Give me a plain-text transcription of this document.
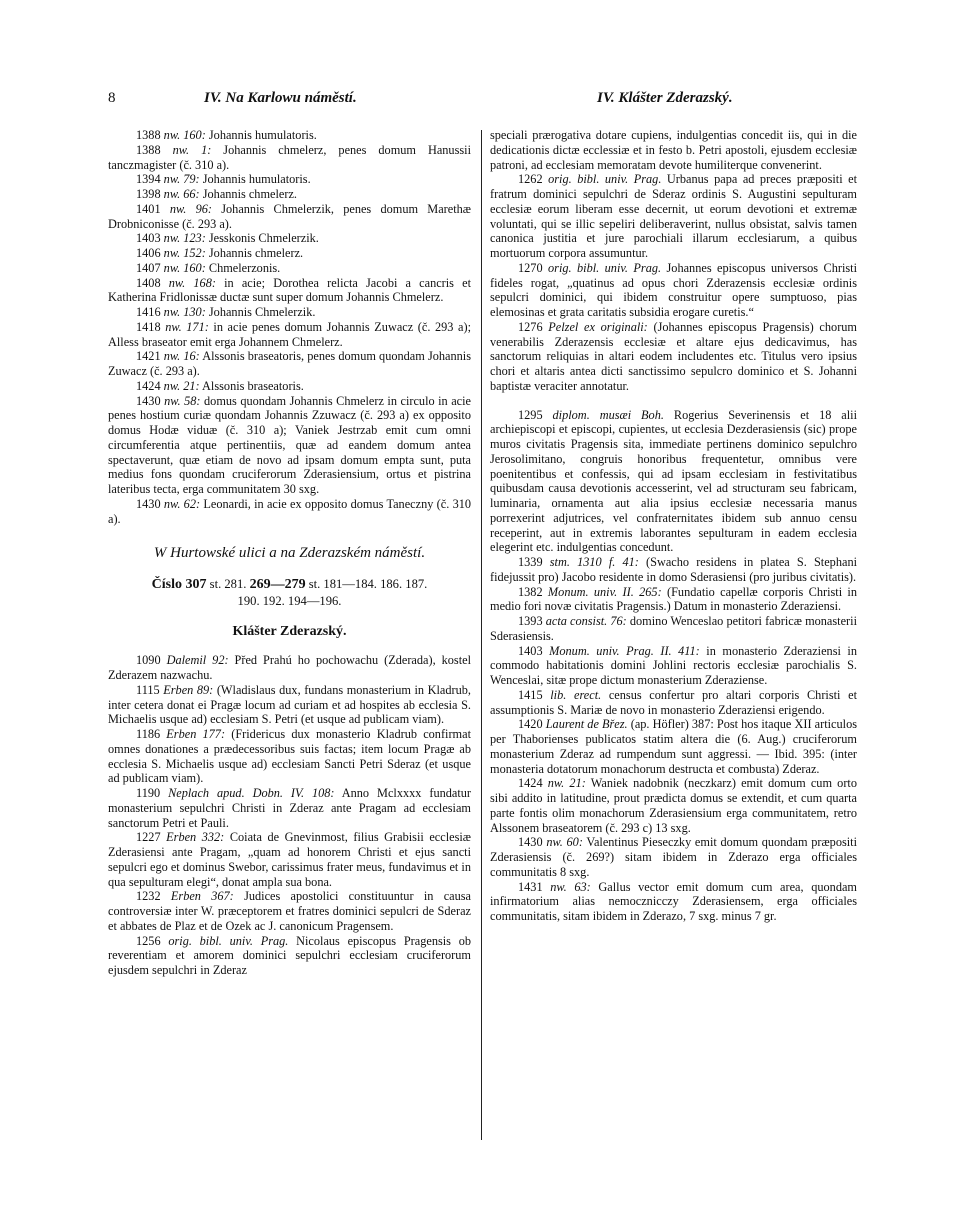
8	IV. Na Karlowu náměstí.	IV. Klášter Zderazský.

1388 nw. 160: Johannis humulatoris.

1388 nw. 1: Johannis chmelerz, penes domum Hanussii tanczmagister (č. 310 a).

1394 nw. 79: Johannis humulatoris.

1398 nw. 66: Johannis chmelerz.

1401 nw. 96: Johannis Chmelerzik, penes domum Marethæ Drobniconisse (č. 293 a).

1403 nw. 123: Jesskonis Chmelerzik.

1406 nw. 152: Johannis chmelerz.

1407 nw. 160: Chmelerzonis.

1408 nw. 168: in acie; Dorothea relicta Jacobi a cancris et Katherina Fridlonissæ ductæ sunt super domum Johannis Chmelerz.

1416 nw. 130: Johannis Chmelerzik.

1418 nw. 171: in acie penes domum Johannis Zuwacz (č. 293 a); Alless braseator emit erga Johannem Chmelerz.

1421 nw. 16: Alssonis braseatoris, penes domum quondam Johannis Zuwacz (č. 293 a).

1424 nw. 21: Alssonis braseatoris.

1430 nw. 58: domus quondam Johannis Chmelerz in circulo in acie penes hostium curiæ quondam Johannis Zzuwacz (č. 293 a) ex opposito domus Hodæ viduæ (č. 310 a); Vaniek Jestrzab emit cum omni circumferentia atque pertinentiis, quæ ad eandem domum antea spectaverunt, quæ etiam de novo ad ipsam domum empta sunt, puta medius fons quondam cruciferorum Zderasiensium, ortus et pistrina lateribus tecta, erga communitatem 30 sxg.

1430 nw. 62: Leonardi, in acie ex opposito domus Taneczny (č. 310 a).

W Hurtowské ulici a na Zderazském náměstí.

Číslo 307 st. 281. 269—279 st. 181—184. 186. 187.
190. 192. 194—196.

Klášter Zderazský.

1090 Dalemil 92: Před Prahú ho pochowachu (Zderada), kostel Zderazem nazwachu.

1115 Erben 89: (Wladislaus dux, fundans monasterium in Kladrub, inter cetera donat ei Pragæ locum ad curiam et ad hospites ab ecclesia S. Michaelis usque ad) ecclesiam S. Petri (et usque ad publicam viam).

1186 Erben 177: (Fridericus dux monasterio Kladrub confirmat omnes donationes a prædecessoribus suis factas; item locum Pragæ ab ecclesia S. Michaelis usque ad) ecclesiam Sancti Petri Sderaz (et usque ad publicam viam).

1190 Neplach apud. Dobn. IV. 108: Anno Mclxxxx fundatur monasterium sepulchri Christi in Zderaz ante Pragam ad ecclesiam sanctorum Petri et Pauli.

1227 Erben 332: Coiata de Gnevinmost, filius Grabisii ecclesiæ Zderasiensi ante Pragam, „quam ad honorem Christi et ejus sancti sepulcri ego et dominus Swebor, carissimus frater meus, fundavimus et in qua sepulturam elegi“, donat ampla sua bona.

1232 Erben 367: Judices apostolici constituuntur in causa controversiæ inter W. præceptorem et fratres dominici sepulcri de Sderaz et abbates de Plaz et de Ozek ac J. canonicum Pragensem.

1256 orig. bibl. univ. Prag. Nicolaus episcopus Pragensis ob reverentiam et amorem dominici sepulchri ecclesiam cruciferorum ejusdem sepulchri in Zderaz

speciali prærogativa dotare cupiens, indulgentias concedit iis, qui in die dedicationis dictæ ecclessiæ et in festo b. Petri apostoli, ejusdem ecclesiæ patroni, ad ecclesiam memoratam devote humiliterque convenerint.

1262 orig. bibl. univ. Prag. Urbanus papa ad preces præpositi et fratrum dominici sepulchri de Sderaz ordinis S. Augustini sepulturam ecclesiæ eorum liberam esse decernit, ut eorum devotioni et extremæ voluntati, qui se illic sepeliri deliberaverint, nullus obsistat, salvis tamen canonica justitia et jure parochiali illarum ecclesiarum, a quibus mortuorum corpora assumuntur.

1270 orig. bibl. univ. Prag. Johannes episcopus universos Christi fideles rogat, „quatinus ad opus chori Zderazensis ecclesiæ ordinis sepulcri dominici, qui ibidem construitur opere sumptuoso, pias elemosinas et grata caritatis subsidia erogare curetis.“

1276 Pelzel ex originali: (Johannes episcopus Pragensis) chorum venerabilis Zderazensis ecclesiæ et altare ejus dedicavimus, has sanctorum reliquias in altari eodem includentes etc. Titulus vero ipsius chori et altaris antea dicti sanctissimo sepulcro dominico et S. Johanni baptistæ veraciter annotatur.

1295 diplom. musæi Boh. Rogerius Severinensis et 18 alii archiepiscopi et episcopi, cupientes, ut ecclesia Dezderasiensis (sic) prope muros civitatis Pragensis sita, immediate pertinens dominico sepulchro Jerosolimitano, congruis honoribus frequentetur, omnibus vere poenitentibus et confessis, qui ad ipsam ecclesiam in festivitatibus quibusdam causa devotionis accesserint, vel ad structuram seu fabricam, luminaria, ornamenta aut alia ipsius ecclesiæ necessaria manus porrexerint adjutrices, vel confraternitates ibidem sub annuo censu receperint, aut in extremis laborantes sepulturam in eadem ecclesia elegerint etc. indulgentias concedunt.

1339 stm. 1310 f. 41: (Swacho residens in platea S. Stephani fidejussit pro) Jacobo residente in domo Sderasiensi (pro juribus civitatis).

1382 Monum. univ. II. 265: (Fundatio capellæ corporis Christi in medio fori novæ civitatis Pragensis.) Datum in monasterio Zderaziensi.

1393 acta consist. 76: domino Wenceslao petitori fabricæ monasterii Sderasiensis.

1403 Monum. univ. Prag. II. 411: in monasterio Zderaziensi in commodo habitationis domini Johlini rectoris ecclesiæ parochialis S. Wenceslai, sitæ prope dictum monasterium Zderaziense.

1415 lib. erect. census confertur pro altari corporis Christi et assumptionis S. Mariæ de novo in monasterio Zderaziensi erigendo.

1420 Laurent de Břez. (ap. Höfler) 387: Post hos itaque XII articulos per Thaborienses publicatos statim altera die (6. Aug.) cruciferorum monasterium Zderaz ad rumpendum sunt aggressi. — Ibid. 395: (inter monasteria dotatorum monachorum destructa et combusta) Zderaz.

1424 nw. 21: Waniek nadobnik (neczkarz) emit domum cum orto sibi addito in latitudine, prout prædicta domus se extendit, et cum quarta parte fontis olim monachorum Zderasiensium erga communitatem, retro Alssonem braseatorem (č. 293 c) 13 sxg.

1430 nw. 60: Valentinus Pieseczky emit domum quondam præpositi Zderasiensis (č. 269?) sitam ibidem in Zderazo erga officiales communitatis 8 sxg.

1431 nw. 63: Gallus vector emit domum cum area, quondam infirmatorium alias nemocznicczy Zderasiensem, erga officiales communitatis, sitam ibidem in Zderazo, 7 sxg. minus 7 gr.
